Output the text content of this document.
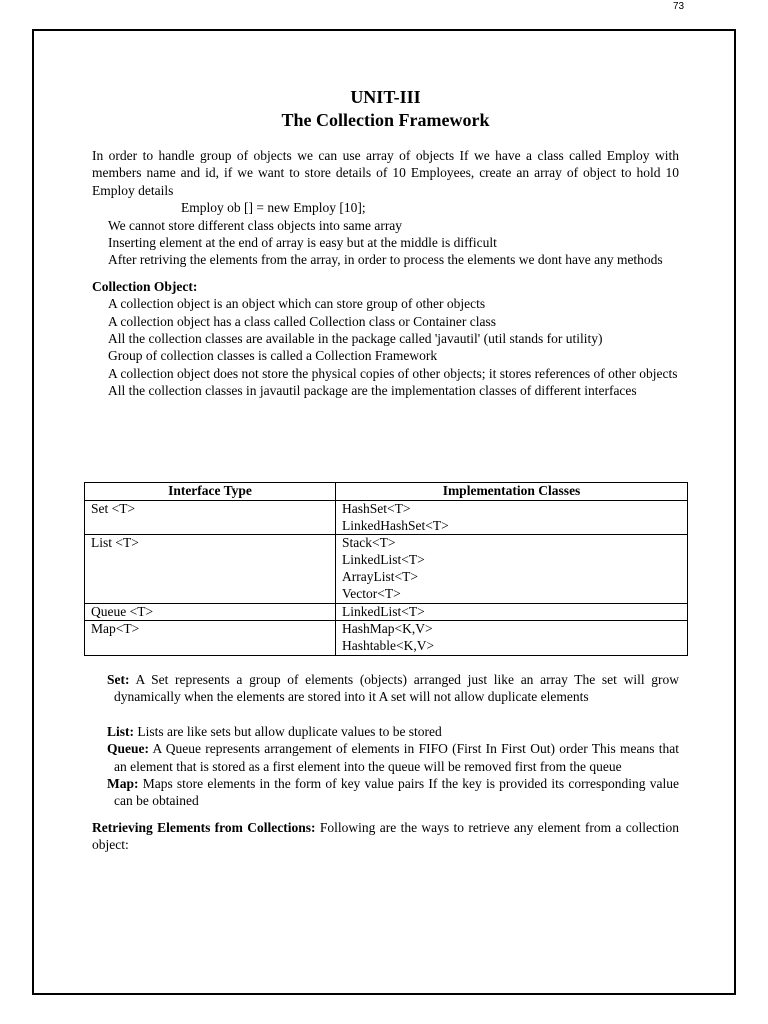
73
UNIT-III
The Collection Framework

In order to handle group of objects we can use array of objects If we have a class called Employ with members name and id, if we want to store details of 10 Employees, create an array of object to hold 10 Employ details

Employ ob [] = new Employ [10];

We cannot store different class objects into same array

Inserting element at the end of array is easy but at the middle is difficult

After retriving the elements from the array, in order to process the elements we dont have any methods

Collection Object:

A collection object is an object which can store group of other objects

A collection object has a class called Collection class or Container class

All the collection classes are available in the package called 'javautil' (util stands for utility)

Group of collection classes is called a Collection Framework

A collection object does not store the physical copies of other objects; it stores references of other objects

All the collection classes in javautil package are the implementation classes of different interfaces

Interface Type	Implementation Classes
Set <T>	HashSet<T>
LinkedHashSet<T>

List <T>	Stack<T>
LinkedList<T>
ArrayList<T>
Vector<T>

Queue <T>	LinkedList<T>

Map<T>	HashMap<K,V>
Hashtable<K,V>

Set: A Set represents a group of elements (objects) arranged just like an array The set will grow dynamically when the elements are stored into it A set will not allow duplicate elements

List: Lists are like sets but allow duplicate values to be stored

Queue: A Queue represents arrangement of elements in FIFO (First In First Out) order This means that an element that is stored as a first element into the queue will be removed first from the queue

Map: Maps store elements in the form of key value pairs If the key is provided its corresponding value can be obtained

Retrieving Elements from Collections: Following are the ways to retrieve any element from a collection object:
